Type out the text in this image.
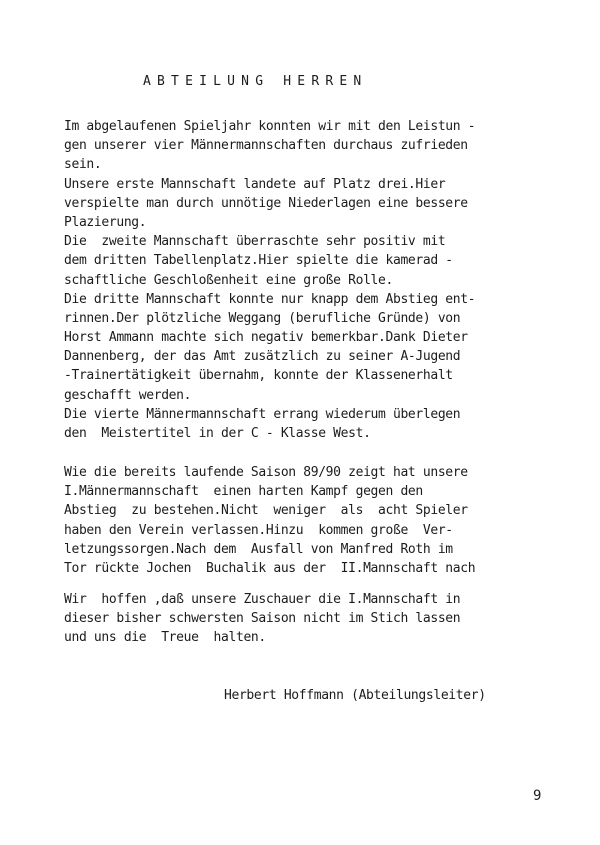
ABTEILUNG HERREN
Im abgelaufenen Spieljahr konnten wir mit den Leistun -
gen unserer vier Männermannschaften durchaus zufrieden
sein.
Unsere erste Mannschaft landete auf Platz drei.Hier
verspielte man durch unnötige Niederlagen eine bessere
Plazierung.
Die  zweite Mannschaft überraschte sehr positiv mit
dem dritten Tabellenplatz.Hier spielte die kamerad -
schaftliche Geschloßenheit eine große Rolle.
Die dritte Mannschaft konnte nur knapp dem Abstieg ent-
rinnen.Der plötzliche Weggang (berufliche Gründe) von
Horst Ammann machte sich negativ bemerkbar.Dank Dieter
Dannenberg, der das Amt zusätzlich zu seiner A-Jugend
-Trainertätigkeit übernahm, konnte der Klassenerhalt
geschafft werden.
Die vierte Männermannschaft errang wiederum überlegen
den  Meistertitel in der C - Klasse West.
Wie die bereits laufende Saison 89/90 zeigt hat unsere
I.Männermannschaft  einen harten Kampf gegen den
Abstieg  zu bestehen.Nicht  weniger  als  acht Spieler
haben den Verein verlassen.Hinzu  kommen große  Ver-
letzungssorgen.Nach dem  Ausfall von Manfred Roth im
Tor rückte Jochen  Buchalik aus der  II.Mannschaft nach
Wir  hoffen ,daß unsere Zuschauer die I.Mannschaft in
dieser bisher schwersten Saison nicht im Stich lassen
und uns die  Treue  halten.
Herbert Hoffmann (Abteilungsleiter)
9
